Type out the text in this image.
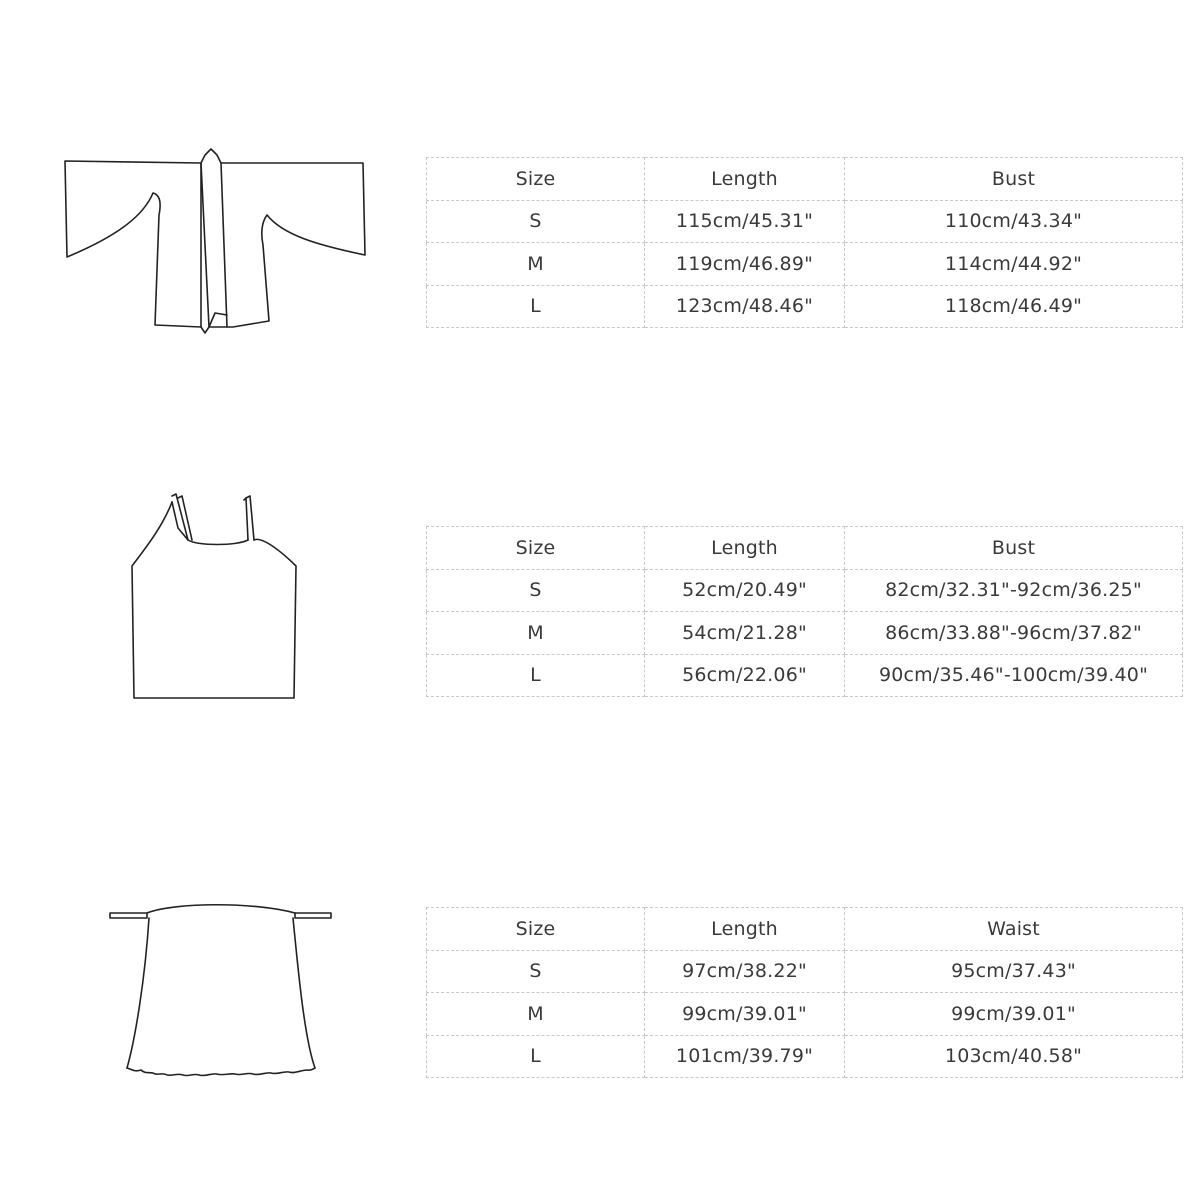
Size	Length	Bust
S	115cm/45.31"	110cm/43.34"
M	119cm/46.89"	114cm/44.92"
L	123cm/48.46"	118cm/46.49"
Size	Length	Bust
S	52cm/20.49"	82cm/32.31"-92cm/36.25"
M	54cm/21.28"	86cm/33.88"-96cm/37.82"
L	56cm/22.06"	90cm/35.46"-100cm/39.40"
Size	Length	Waist
S	97cm/38.22"	95cm/37.43"
M	99cm/39.01"	99cm/39.01"
L	101cm/39.79"	103cm/40.58"
